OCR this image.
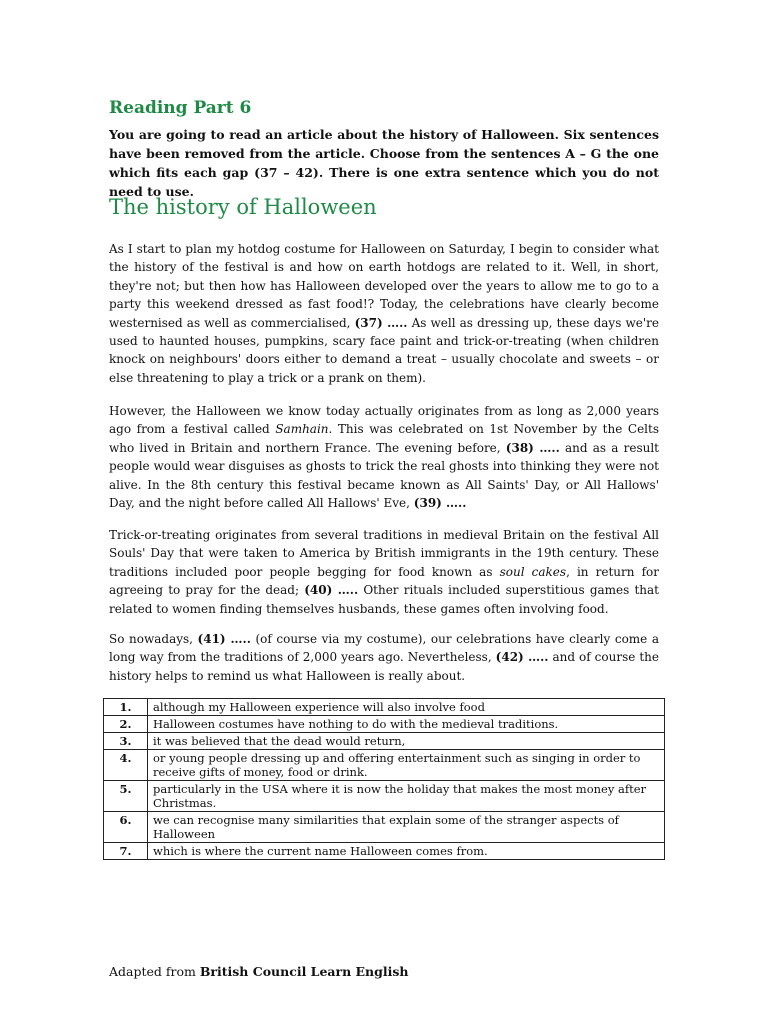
Reading Part 6

You are going to read an article about the history of Halloween. Six sentences have been removed from the article. Choose from the sentences A – G the one which fits each gap (37 – 42). There is one extra sentence which you do not need to use.

The history of Halloween

As I start to plan my hotdog costume for Halloween on Saturday, I begin to consider what the history of the festival is and how on earth hotdogs are related to it. Well, in short, they're not; but then how has Halloween developed over the years to allow me to go to a party this weekend dressed as fast food!? Today, the celebrations have clearly become westernised as well as commercialised, (37) ….. As well as dressing up, these days we're used to haunted houses, pumpkins, scary face paint and trick-or-treating (when children knock on neighbours' doors either to demand a treat – usually chocolate and sweets – or else threatening to play a trick or a prank on them).

However, the Halloween we know today actually originates from as long as 2,000 years ago from a festival called Samhain. This was celebrated on 1st November by the Celts who lived in Britain and northern France. The evening before, (38) ….. and as a result people would wear disguises as ghosts to trick the real ghosts into thinking they were not alive. In the 8th century this festival became known as All Saints' Day, or All Hallows' Day, and the night before called All Hallows' Eve, (39) …..

Trick-or-treating originates from several traditions in medieval Britain on the festival All Souls' Day that were taken to America by British immigrants in the 19th century. These traditions included poor people begging for food known as soul cakes, in return for agreeing to pray for the dead; (40) ….. Other rituals included superstitious games that related to women finding themselves husbands, these games often involving food.

So nowadays, (41) ….. (of course via my costume), our celebrations have clearly come a long way from the traditions of 2,000 years ago. Nevertheless, (42) ….. and of course the history helps to remind us what Halloween is really about.

1.	although my Halloween experience will also involve food
2.	Halloween costumes have nothing to do with the medieval traditions.
3.	it was believed that the dead would return,
4.	or young people dressing up and offering entertainment such as singing in order to receive gifts of money, food or drink.
5.	particularly in the USA where it is now the holiday that makes the most money after Christmas.
6.	we can recognise many similarities that explain some of the stranger aspects of Halloween
7.	which is where the current name Halloween comes from.

Adapted from British Council Learn English
